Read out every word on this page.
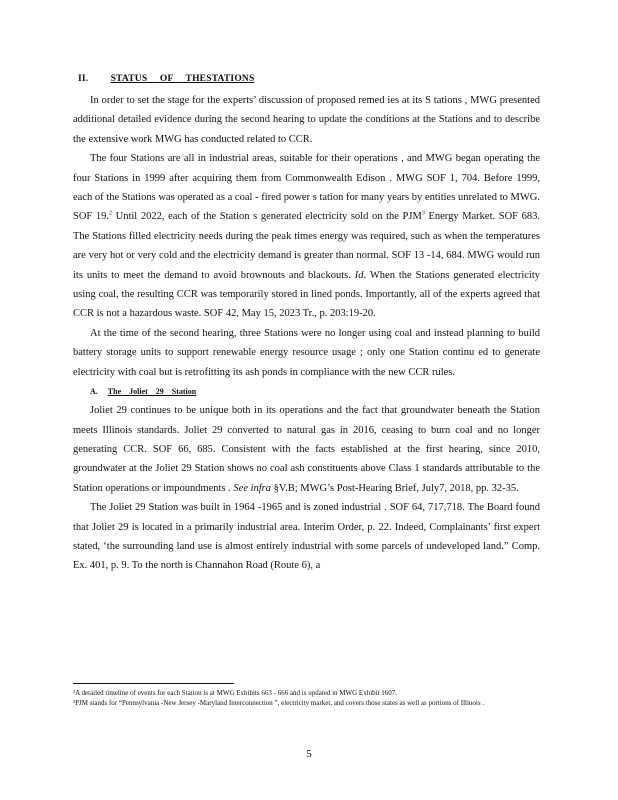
II. STATUS OF THESTATIONS

In order to set the stage for the experts’ discussion of proposed remed ies at its S tations , MWG presented additional detailed evidence during the second hearing to update the conditions at the Stations and to describe the extensive work MWG has conducted related to CCR.

The four Stations are all in industrial areas, suitable for their operations , and MWG began operating the four Stations in 1999 after acquiring them from Commonwealth Edison . MWG SOF 1, 704. Before 1999, each of the Stations was operated as a coal - fired power s tation for many years by entities unrelated to MWG. SOF 19.$^2$ Until 2022, each of the Station s generated electricity sold on the PJM$^3$ Energy Market. SOF 683. The Stations filled electricity needs during the peak times energy was required, such as when the temperatures are very hot or very cold and the electricity demand is greater than normal. SOF 13 -14, 684. MWG would run its units to meet the demand to avoid brownouts and blackouts. Id. When the Stations generated electricity using coal, the resulting CCR was temporarily stored in lined ponds. Importantly, all of the experts agreed that CCR is not a hazardous waste. SOF 42, May 15, 2023 Tr., p. 203:19-20.

At the time of the second hearing, three Stations were no longer using coal and instead planning to build battery storage units to support renewable energy resource usage ; only one Station continu ed to generate electricity with coal but is retrofitting its ash ponds in compliance with the new CCR rules.

A. The Joliet 29 Station

Joliet 29 continues to be unique both in its operations and the fact that groundwater beneath the Station meets Illinois standards. Joliet 29 converted to natural gas in 2016, ceasing to burn coal and no longer generating CCR. SOF 66, 685. Consistent with the facts established at the first hearing, since 2010, groundwater at the Joliet 29 Station shows no coal ash constituents above Class 1 standards attributable to the Station operations or impoundments . See infra §V.B; MWG’s Post-Hearing Brief, July7, 2018, pp. 32-35.

The Joliet 29 Station was built in 1964 -1965 and is zoned industrial . SOF 64, 717,718. The Board found that Joliet 29 is located in a primarily industrial area. Interim Order, p. 22. Indeed, Complainants’ first expert stated, ‘the surrounding land use is almost entirely industrial with some parcels of undeveloped land.” Comp. Ex. 401, p. 9. To the north is Channahon Road (Route 6), a

²A detailed timeline of events for each Station is at MWG Exhibits 663 - 666 and is updated in MWG Exhibit 1607.

³PJM stands for “Pennsylvania -New Jersey -Maryland Interconnection ”, electricity market, and covers those states as well as portions of Illinois .

5
